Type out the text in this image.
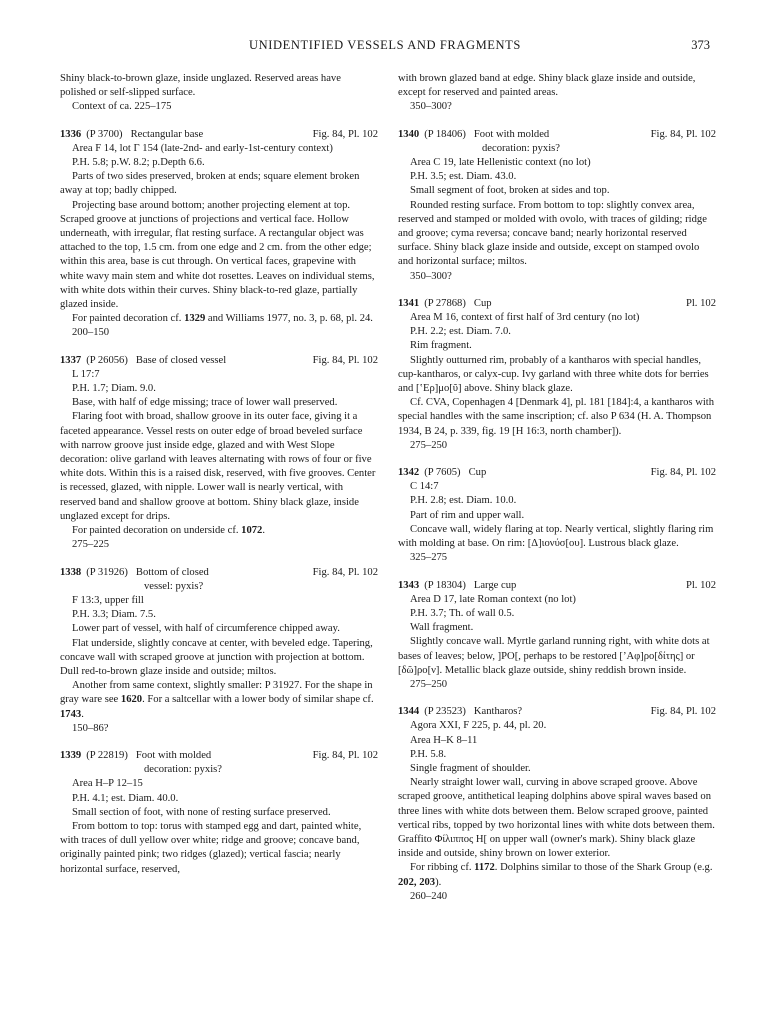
UNIDENTIFIED VESSELS AND FRAGMENTS	373

Shiny black-to-brown glaze, inside unglazed. Reserved areas have polished or self-slipped surface.

Context of ca. 225–175

1336 (P 3700) Rectangular base	Fig. 84, Pl. 102

Area F 14, lot Γ 154 (late-2nd- and early-1st-century context)

P.H. 5.8; p.W. 8.2; p.Depth 6.6.

Parts of two sides preserved, broken at ends; square element broken away at top; badly chipped.

Projecting base around bottom; another projecting element at top. Scraped groove at junctions of projections and vertical face. Hollow underneath, with irregular, flat resting surface. A rectangular object was attached to the top, 1.5 cm. from one edge and 2 cm. from the other edge; within this area, base is cut through. On vertical faces, grapevine with white wavy main stem and white dot rosettes. Leaves on individual stems, with white dots within their curves. Shiny black-to-red glaze, partially glazed inside.

For painted decoration cf. 1329 and Williams 1977, no. 3, p. 68, pl. 24.

200–150

1337 (P 26056) Base of closed vessel	Fig. 84, Pl. 102

L 17:7

P.H. 1.7; Diam. 9.0.

Base, with half of edge missing; trace of lower wall preserved.

Flaring foot with broad, shallow groove in its outer face, giving it a faceted appearance. Vessel rests on outer edge of broad beveled surface with narrow groove just inside edge, glazed and with West Slope decoration: olive garland with leaves alternating with rows of four or five white dots. Within this is a raised disk, reserved, with five grooves. Center is recessed, glazed, with nipple. Lower wall is nearly vertical, with reserved band and shallow groove at bottom. Shiny black glaze, inside unglazed except for drips.

For painted decoration on underside cf. 1072.

275–225

1338 (P 31926) Bottom of closed	Fig. 84, Pl. 102

vessel: pyxis?

F 13:3, upper fill

P.H. 3.3; Diam. 7.5.

Lower part of vessel, with half of circumference chipped away.

Flat underside, slightly concave at center, with beveled edge. Tapering, concave wall with scraped groove at junction with projection at bottom. Dull red-to-brown glaze inside and outside; miltos.

Another from same context, slightly smaller: P 31927. For the shape in gray ware see 1620. For a saltcellar with a lower body of similar shape cf. 1743.

150–86?

1339 (P 22819) Foot with molded	Fig. 84, Pl. 102

decoration: pyxis?

Area H–P 12–15

P.H. 4.1; est. Diam. 40.0.

Small section of foot, with none of resting surface preserved.

From bottom to top: torus with stamped egg and dart, painted white, with traces of dull yellow over white; ridge and groove; concave band, originally painted pink; two ridges (glazed); vertical fascia; nearly horizontal surface, reserved,

with brown glazed band at edge. Shiny black glaze inside and outside, except for reserved and painted areas.

350–300?

1340 (P 18406) Foot with molded	Fig. 84, Pl. 102

decoration: pyxis?

Area C 19, late Hellenistic context (no lot)

P.H. 3.5; est. Diam. 43.0.

Small segment of foot, broken at sides and top.

Rounded resting surface. From bottom to top: slightly convex area, reserved and stamped or molded with ovolo, with traces of gilding; ridge and groove; cyma reversa; concave band; nearly horizontal reserved surface. Shiny black glaze inside and outside, except on stamped ovolo and horizontal surface; miltos.

350–300?

1341 (P 27868) Cup	Pl. 102

Area M 16, context of first half of 3rd century (no lot)

P.H. 2.2; est. Diam. 7.0.

Rim fragment.

Slightly outturned rim, probably of a kantharos with special handles, cup-kantharos, or calyx-cup. Ivy garland with three white dots for berries and [ʽΕρ]μο[ῦ] above. Shiny black glaze.

Cf. CVA, Copenhagen 4 [Denmark 4], pl. 181 [184]:4, a kantharos with special handles with the same inscription; cf. also P 634 (H. A. Thompson 1934, B 24, p. 339, fig. 19 [H 16:3, north chamber]).

275–250

1342 (P 7605) Cup	Fig. 84, Pl. 102

C 14:7

P.H. 2.8; est. Diam. 10.0.

Part of rim and upper wall.

Concave wall, widely flaring at top. Nearly vertical, slightly flaring rim with molding at base. On rim: [Δ]ιονύσ[ου]. Lustrous black glaze.

325–275

1343 (P 18304) Large cup	Pl. 102

Area D 17, late Roman context (no lot)

P.H. 3.7; Th. of wall 0.5.

Wall fragment.

Slightly concave wall. Myrtle garland running right, with white dots at bases of leaves; below, ]ΡΟ[, perhaps to be restored [ʼΑφ]ρο[δίτης] or [δῶ]ρο[ν]. Metallic black glaze outside, shiny reddish brown inside.

275–250

1344 (P 23523) Kantharos?	Fig. 84, Pl. 102

Agora XXI, F 225, p. 44, pl. 20.

Area H–K 8–11

P.H. 5.8.

Single fragment of shoulder.

Nearly straight lower wall, curving in above scraped groove. Above scraped groove, antithetical leaping dolphins above spiral waves based on three lines with white dots between them. Below scraped groove, painted vertical ribs, topped by two horizontal lines with white dots between them. Graffito Φίλιππος Η[ on upper wall (owner's mark). Shiny black glaze inside and outside, shiny brown on lower exterior.

For ribbing cf. 1172. Dolphins similar to those of the Shark Group (e.g. 202, 203).

260–240
